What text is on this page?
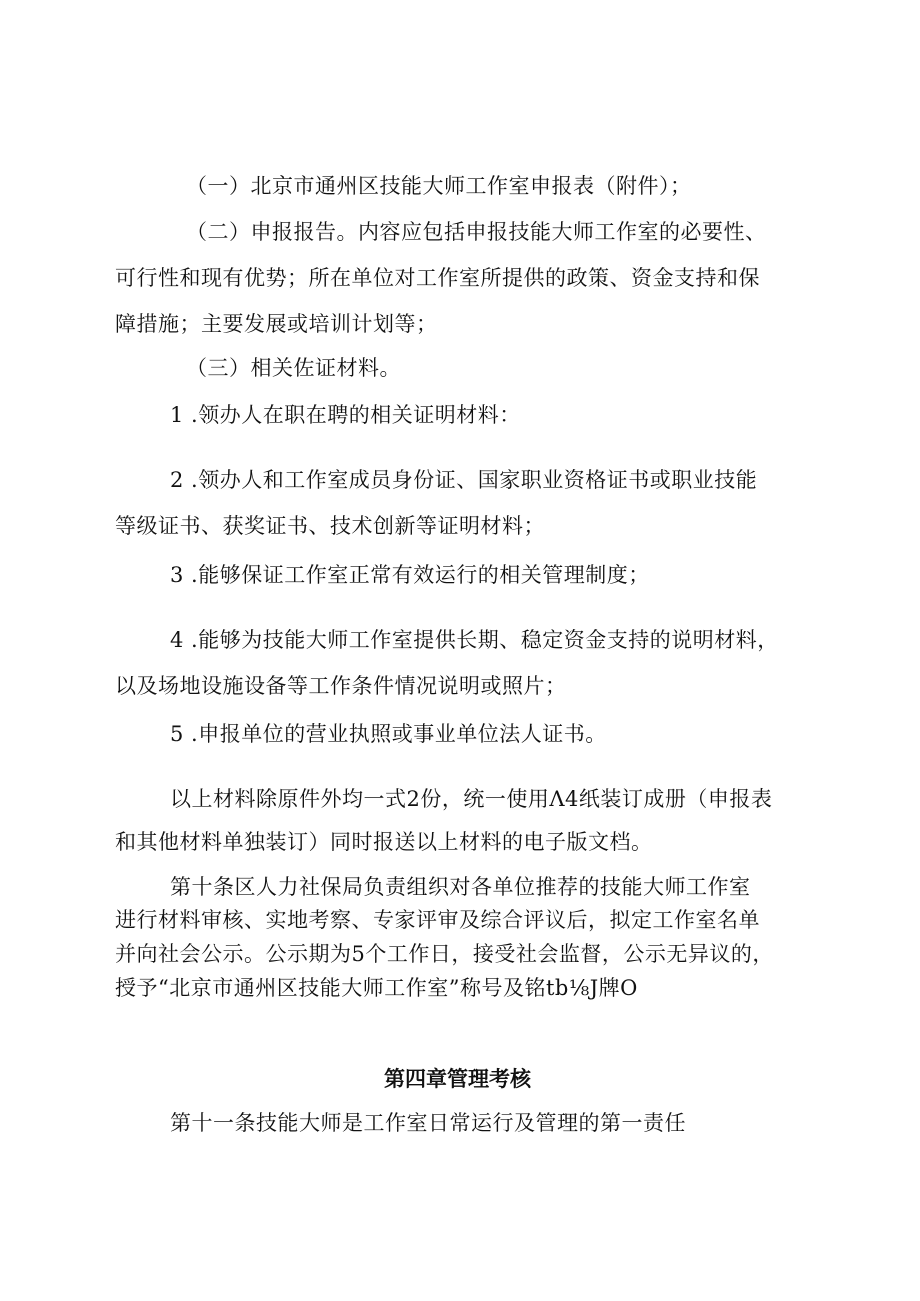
（一）北京市通州区技能大师工作室申报表（附件）；
（二）申报报告。内容应包括申报技能大师工作室的必要性、
可行性和现有优势；所在单位对工作室所提供的政策、资金支持和保
障措施；主要发展或培训计划等；
（三）相关佐证材料。
1 .领办人在职在聘的相关证明材料：
2 .领办人和工作室成员身份证、国家职业资格证书或职业技能
等级证书、获奖证书、技术创新等证明材料；
3 .能够保证工作室正常有效运行的相关管理制度；
4 .能够为技能大师工作室提供长期、稳定资金支持的说明材料，
以及场地设施设备等工作条件情况说明或照片；
5 .申报单位的营业执照或事业单位法人证书。
以上材料除原件外均一式2份，统一使用Λ4纸装订成册（申报表
和其他材料单独装订）同时报送以上材料的电子版文档。
第十条区人力社保局负责组织对各单位推荐的技能大师工作室
进行材料审核、实地考察、专家评审及综合评议后，拟定工作室名单
并向社会公示。公示期为5个工作日，接受社会监督，公示无异议的，
授予“北京市通州区技能大师工作室”称号及铭tb⅛J牌O
第四章管理考核
第十一条技能大师是工作室日常运行及管理的第一责任
